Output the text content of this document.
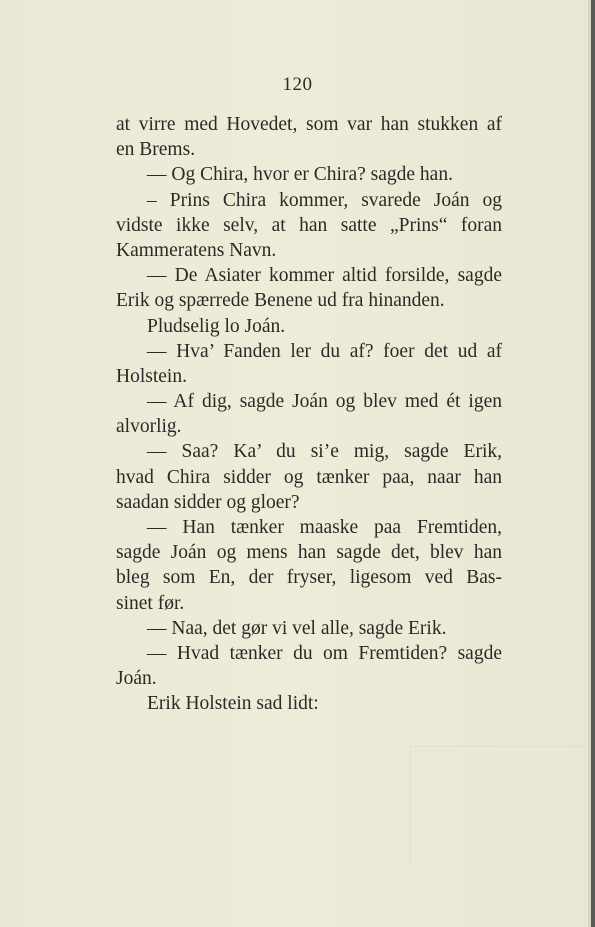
120
at virre med Hovedet, som var han stukken af
en Brems.
— Og Chira, hvor er Chira? sagde han.
– Prins Chira kommer, svarede Joán og
vidste ikke selv, at han satte „Prins“ foran
Kammeratens Navn.
— De Asiater kommer altid forsilde, sagde
Erik og spærrede Benene ud fra hinanden.
Pludselig lo Joán.
— Hva’ Fanden ler du af? foer det ud af
Holstein.
— Af dig, sagde Joán og blev med ét igen
alvorlig.
— Saa? Ka’ du si’e mig, sagde Erik,
hvad Chira sidder og tænker paa, naar han
saadan sidder og gloer?
— Han tænker maaske paa Fremtiden,
sagde Joán og mens han sagde det, blev han
bleg som En, der fryser, ligesom ved Bas-
sinet før.
— Naa, det gør vi vel alle, sagde Erik.
— Hvad tænker du om Fremtiden? sagde
Joán.
Erik Holstein sad lidt:
